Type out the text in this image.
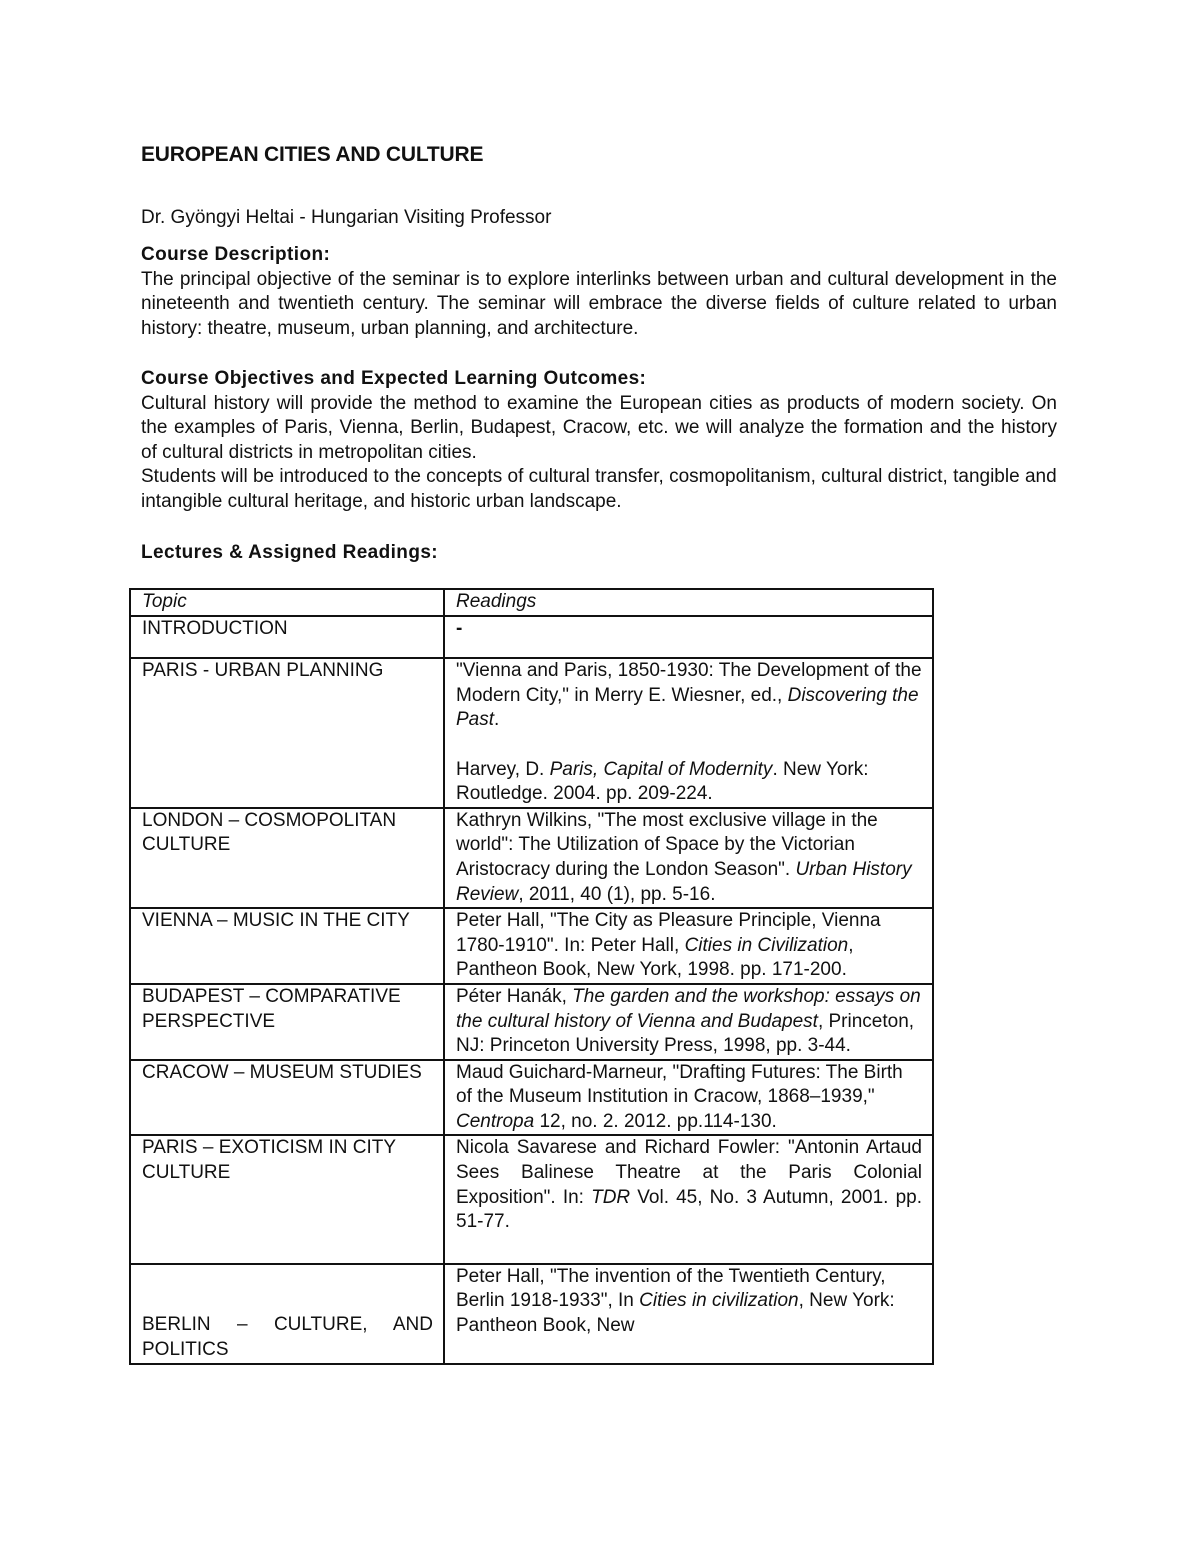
EUROPEAN CITIES AND CULTURE
Dr. Gyöngyi Heltai - Hungarian Visiting Professor
Course Description:
The principal objective of the seminar is to explore interlinks between urban and cultural development in the nineteenth and twentieth century. The seminar will embrace the diverse fields of culture related to urban history: theatre, museum, urban planning, and architecture.
Course Objectives and Expected Learning Outcomes:
Cultural history will provide the method to examine the European cities as products of modern society. On the examples of Paris, Vienna, Berlin, Budapest, Cracow, etc. we will analyze the formation and the history of cultural districts in metropolitan cities.
Students will be introduced to the concepts of cultural transfer, cosmopolitanism, cultural district, tangible and intangible cultural heritage, and historic urban landscape.
Lectures & Assigned Readings:
Topic	Readings
INTRODUCTION	-
PARIS - URBAN PLANNING	"Vienna and Paris, 1850-1930: The Development of the Modern City," in Merry E. Wiesner, ed., Discovering the Past.
Harvey, D. Paris, Capital of Modernity. New York: Routledge. 2004. pp. 209-224.

LONDON – COSMOPOLITAN CULTURE	Kathryn Wilkins, "The most exclusive village in the world": The Utilization of Space by the Victorian Aristocracy during the London Season". Urban History Review, 2011, 40 (1), pp. 5-16.
VIENNA – MUSIC IN THE CITY	Peter Hall, "The City as Pleasure Principle, Vienna 1780-1910". In: Peter Hall, Cities in Civilization, Pantheon Book, New York, 1998. pp. 171-200.
BUDAPEST – COMPARATIVE PERSPECTIVE	Péter Hanák, The garden and the workshop: essays on the cultural history of Vienna and Budapest, Princeton, NJ: Princeton University Press, 1998, pp. 3-44.
CRACOW – MUSEUM STUDIES	Maud Guichard-Marneur, "Drafting Futures: The Birth of the Museum Institution in Cracow, 1868–1939," Centropa 12, no. 2. 2012. pp.114-130.
PARIS – EXOTICISM IN CITY CULTURE	Nicola Savarese and Richard Fowler: "Antonin Artaud Sees Balinese Theatre at the Paris Colonial Exposition". In: TDR Vol. 45, No. 3 Autumn, 2001. pp. 51-77.

BERLIN – CULTURE, AND POLITICS	Peter Hall, "The invention of the Twentieth Century, Berlin 1918-1933", In Cities in civilization, New York: Pantheon Book, New
